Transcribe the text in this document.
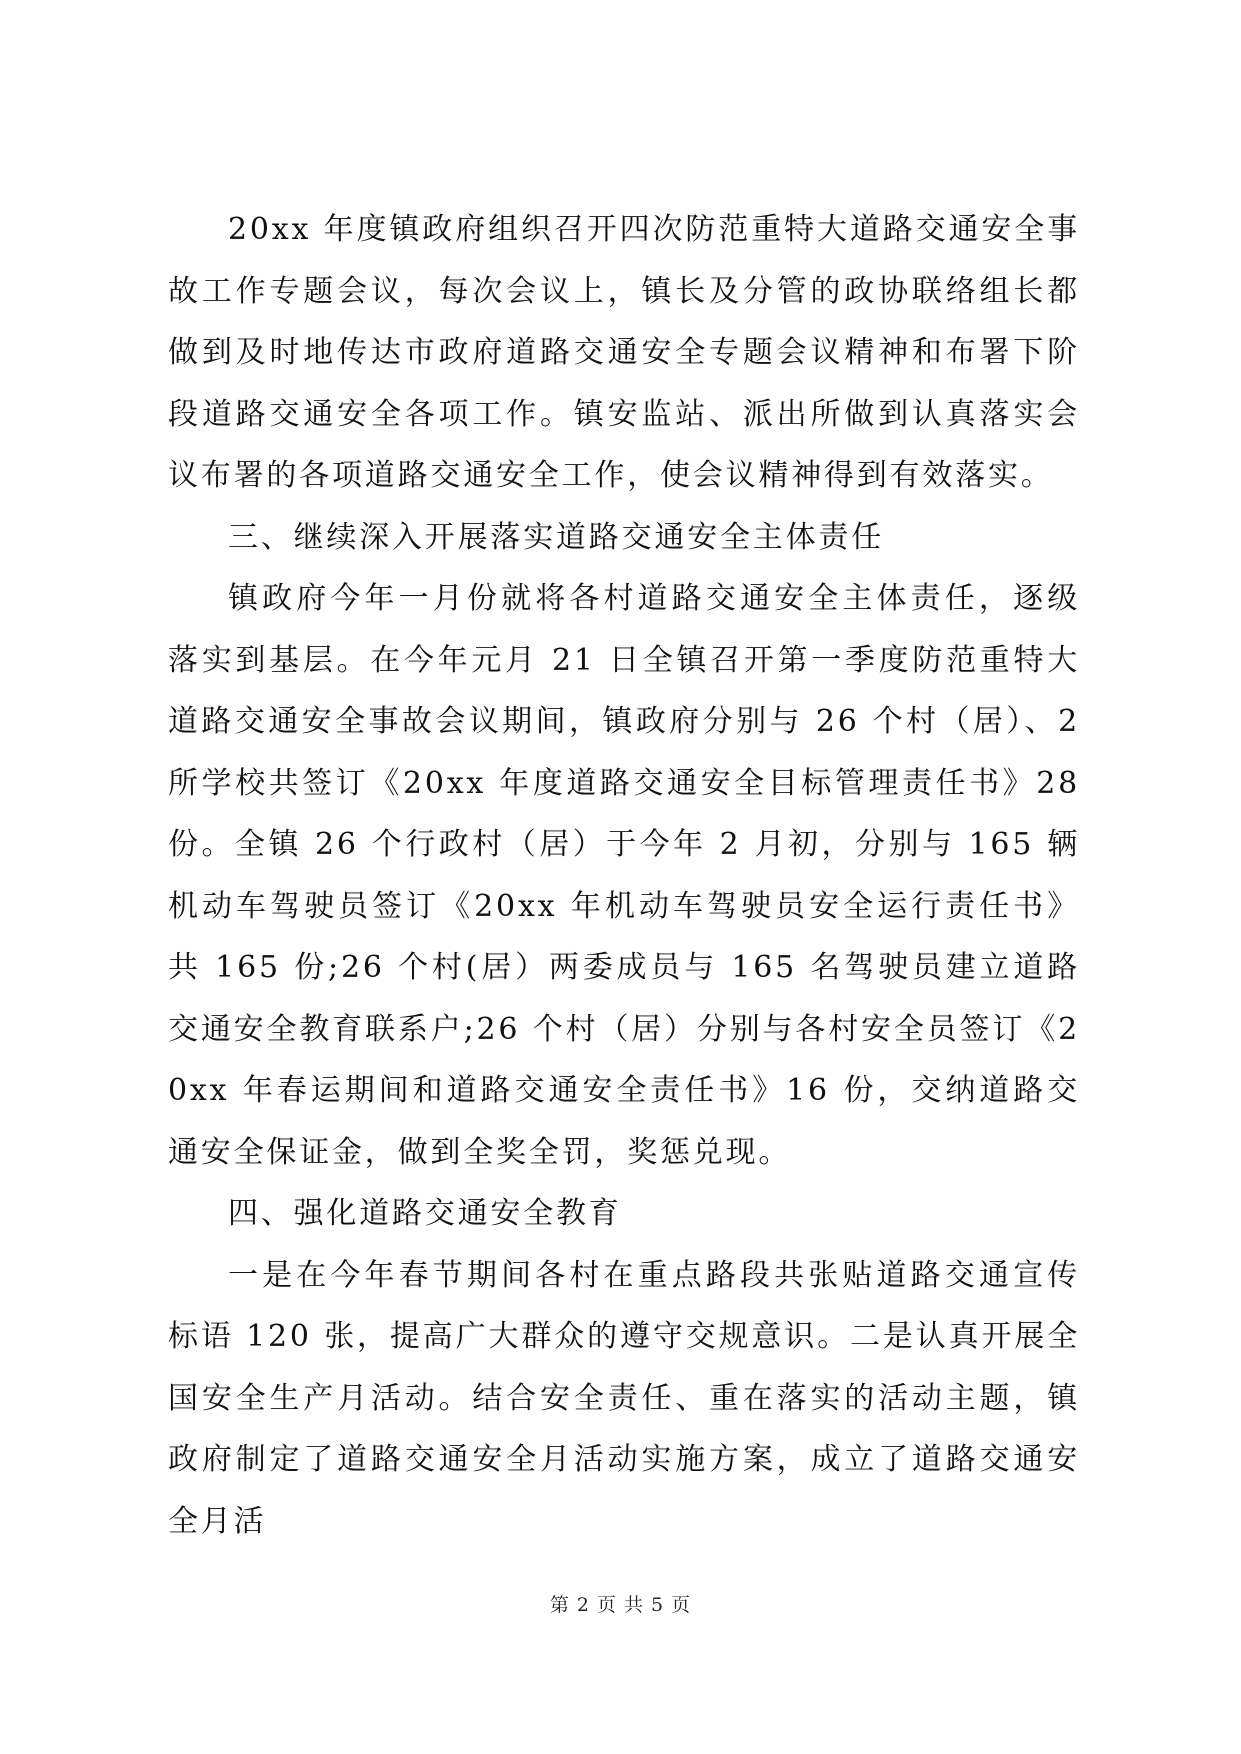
20xx 年度镇政府组织召开四次防范重特大道路交通安全事故工作专题会议，每次会议上，镇长及分管的政协联络组长都做到及时地传达市政府道路交通安全专题会议精神和布署下阶段道路交通安全各项工作。镇安监站、派出所做到认真落实会议布署的各项道路交通安全工作，使会议精神得到有效落实。

三、继续深入开展落实道路交通安全主体责任

镇政府今年一月份就将各村道路交通安全主体责任，逐级落实到基层。在今年元月 21 日全镇召开第一季度防范重特大道路交通安全事故会议期间，镇政府分别与 26 个村（居）、2 所学校共签订《20xx 年度道路交通安全目标管理责任书》28 份。全镇 26 个行政村（居）于今年 2 月初，分别与 165 辆机动车驾驶员签订《20xx 年机动车驾驶员安全运行责任书》共 165 份;26 个村(居）两委成员与 165 名驾驶员建立道路交通安全教育联系户;26 个村（居）分别与各村安全员签订《20xx 年春运期间和道路交通安全责任书》16 份，交纳道路交通安全保证金，做到全奖全罚，奖惩兑现。

四、强化道路交通安全教育

一是在今年春节期间各村在重点路段共张贴道路交通宣传标语 120 张，提高广大群众的遵守交规意识。二是认真开展全国安全生产月活动。结合安全责任、重在落实的活动主题，镇政府制定了道路交通安全月活动实施方案，成立了道路交通安全月活

第 2 页 共 5 页
